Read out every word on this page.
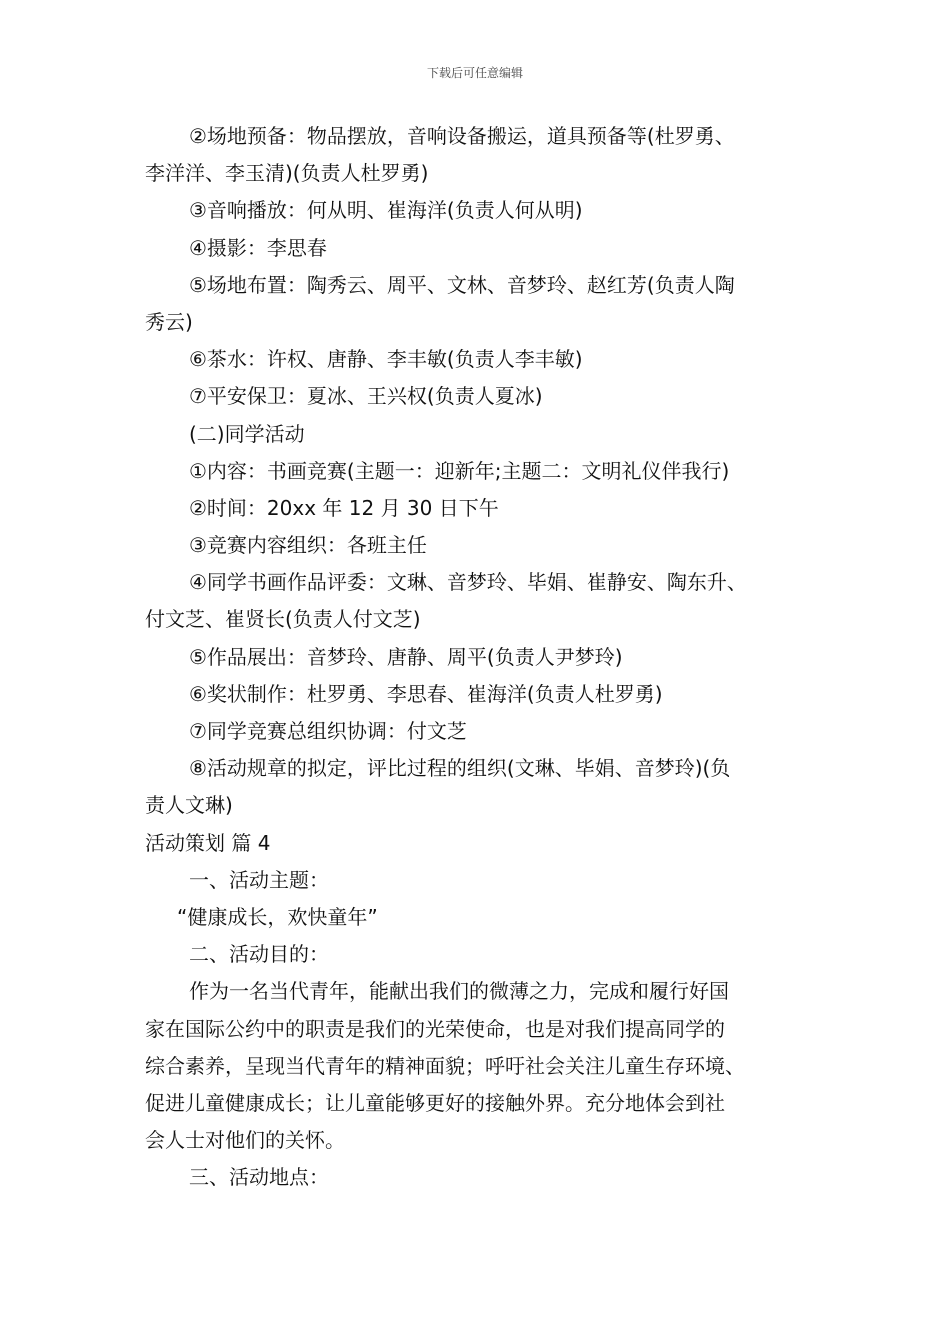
下载后可任意编辑
②场地预备：物品摆放，音响设备搬运，道具预备等(杜罗勇、
李洋洋、李玉清)(负责人杜罗勇)
③音响播放：何从明、崔海洋(负责人何从明)
④摄影：李思春
⑤场地布置：陶秀云、周平、文林、音梦玲、赵红芳(负责人陶
秀云)
⑥茶水：许权、唐静、李丰敏(负责人李丰敏)
⑦平安保卫：夏冰、王兴权(负责人夏冰)
(二)同学活动
①内容：书画竞赛(主题一：迎新年;主题二：文明礼仪伴我行)
②时间：20xx 年 12 月 30 日下午
③竞赛内容组织：各班主任
④同学书画作品评委：文琳、音梦玲、毕娟、崔静安、陶东升、
付文芝、崔贤长(负责人付文芝)
⑤作品展出：音梦玲、唐静、周平(负责人尹梦玲)
⑥奖状制作：杜罗勇、李思春、崔海洋(负责人杜罗勇)
⑦同学竞赛总组织协调：付文芝
⑧活动规章的拟定，评比过程的组织(文琳、毕娟、音梦玲)(负
责人文琳)
活动策划 篇 4
一、活动主题：
“健康成长，欢快童年”
二、活动目的：
作为一名当代青年，能献出我们的微薄之力，完成和履行好国
家在国际公约中的职责是我们的光荣使命，也是对我们提高同学的
综合素养，呈现当代青年的精神面貌；呼吁社会关注儿童生存环境、
促进儿童健康成长；让儿童能够更好的接触外界。充分地体会到社
会人士对他们的关怀。
三、活动地点：
